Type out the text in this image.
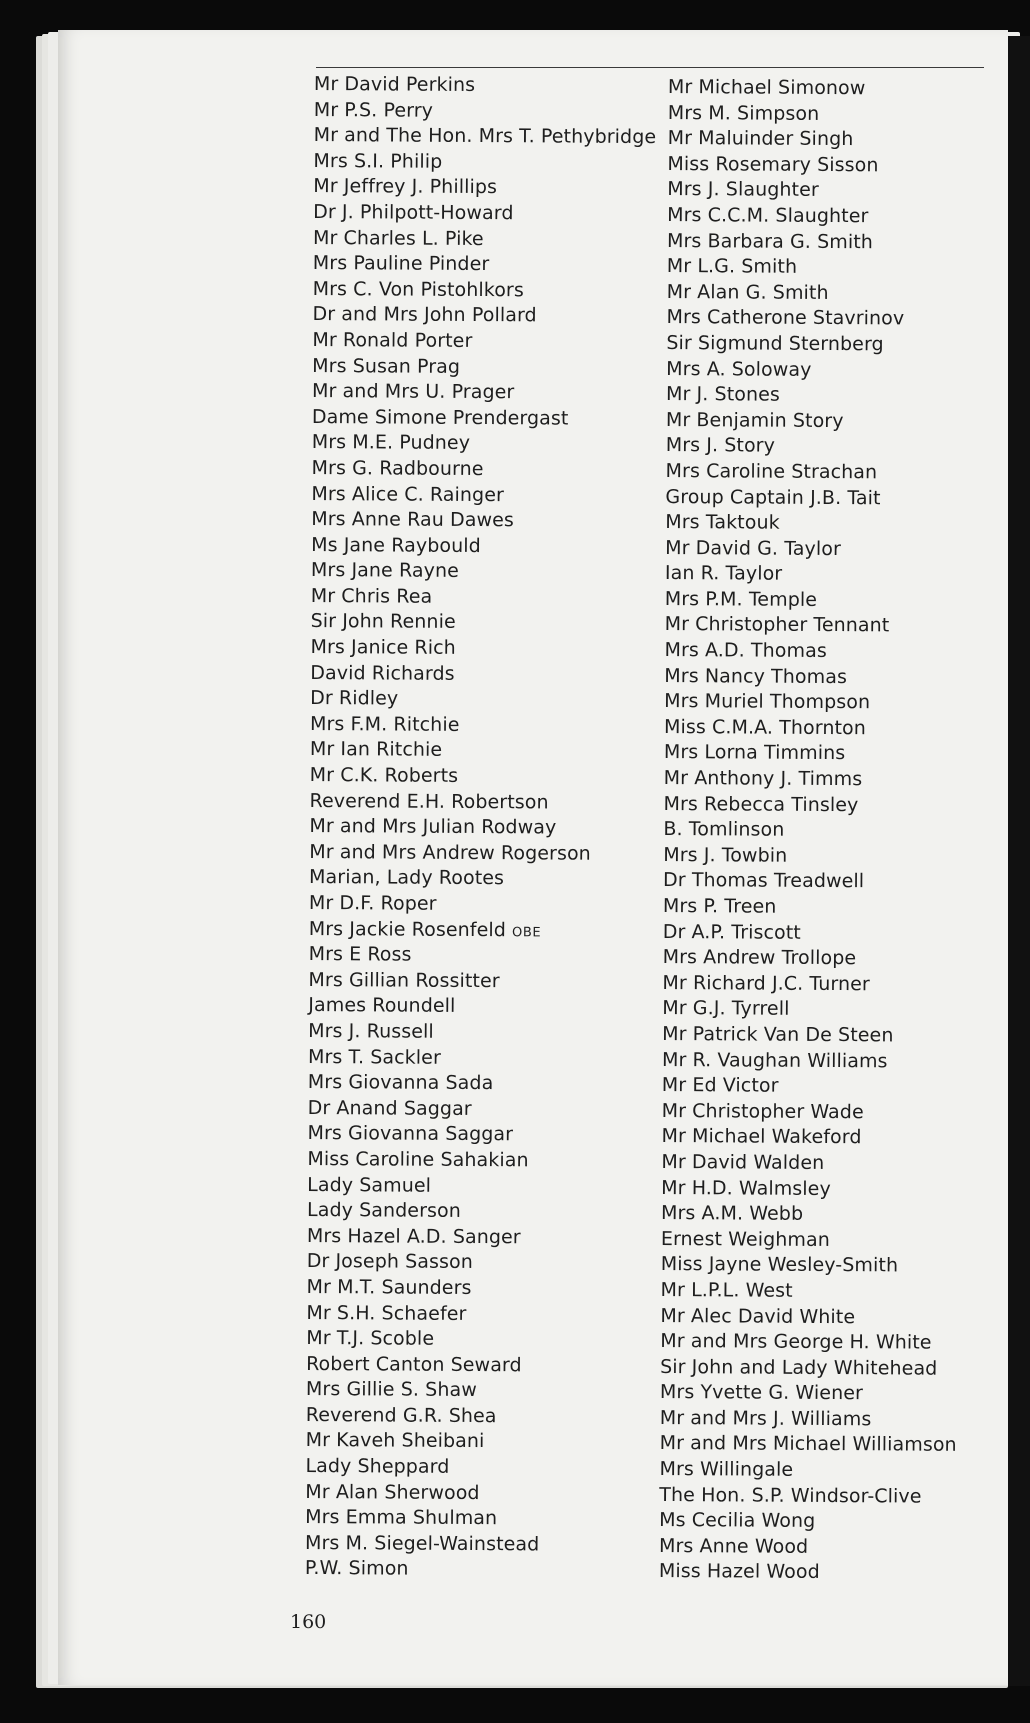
Mr David Perkins
Mr P.S. Perry
Mr and The Hon. Mrs T. Pethybridge
Mrs S.I. Philip
Mr Jeffrey J. Phillips
Dr J. Philpott-Howard
Mr Charles L. Pike
Mrs Pauline Pinder
Mrs C. Von Pistohlkors
Dr and Mrs John Pollard
Mr Ronald Porter
Mrs Susan Prag
Mr and Mrs U. Prager
Dame Simone Prendergast
Mrs M.E. Pudney
Mrs G. Radbourne
Mrs Alice C. Rainger
Mrs Anne Rau Dawes
Ms Jane Raybould
Mrs Jane Rayne
Mr Chris Rea
Sir John Rennie
Mrs Janice Rich
David Richards
Dr Ridley
Mrs F.M. Ritchie
Mr Ian Ritchie
Mr C.K. Roberts
Reverend E.H. Robertson
Mr and Mrs Julian Rodway
Mr and Mrs Andrew Rogerson
Marian, Lady Rootes
Mr D.F. Roper
Mrs Jackie Rosenfeld OBE
Mrs E Ross
Mrs Gillian Rossitter
James Roundell
Mrs J. Russell
Mrs T. Sackler
Mrs Giovanna Sada
Dr Anand Saggar
Mrs Giovanna Saggar
Miss Caroline Sahakian
Lady Samuel
Lady Sanderson
Mrs Hazel A.D. Sanger
Dr Joseph Sasson
Mr M.T. Saunders
Mr S.H. Schaefer
Mr T.J. Scoble
Robert Canton Seward
Mrs Gillie S. Shaw
Reverend G.R. Shea
Mr Kaveh Sheibani
Lady Sheppard
Mr Alan Sherwood
Mrs Emma Shulman
Mrs M. Siegel-Wainstead
P.W. Simon
Mr Michael Simonow
Mrs M. Simpson
Mr Maluinder Singh
Miss Rosemary Sisson
Mrs J. Slaughter
Mrs C.C.M. Slaughter
Mrs Barbara G. Smith
Mr L.G. Smith
Mr Alan G. Smith
Mrs Catherone Stavrinov
Sir Sigmund Sternberg
Mrs A. Soloway
Mr J. Stones
Mr Benjamin Story
Mrs J. Story
Mrs Caroline Strachan
Group Captain J.B. Tait
Mrs Taktouk
Mr David G. Taylor
Ian R. Taylor
Mrs P.M. Temple
Mr Christopher Tennant
Mrs A.D. Thomas
Mrs Nancy Thomas
Mrs Muriel Thompson
Miss C.M.A. Thornton
Mrs Lorna Timmins
Mr Anthony J. Timms
Mrs Rebecca Tinsley
B. Tomlinson
Mrs J. Towbin
Dr Thomas Treadwell
Mrs P. Treen
Dr A.P. Triscott
Mrs Andrew Trollope
Mr Richard J.C. Turner
Mr G.J. Tyrrell
Mr Patrick Van De Steen
Mr R. Vaughan Williams
Mr Ed Victor
Mr Christopher Wade
Mr Michael Wakeford
Mr David Walden
Mr H.D. Walmsley
Mrs A.M. Webb
Ernest Weighman
Miss Jayne Wesley-Smith
Mr L.P.L. West
Mr Alec David White
Mr and Mrs George H. White
Sir John and Lady Whitehead
Mrs Yvette G. Wiener
Mr and Mrs J. Williams
Mr and Mrs Michael Williamson
Mrs Willingale
The Hon. S.P. Windsor-Clive
Ms Cecilia Wong
Mrs Anne Wood
Miss Hazel Wood
160
